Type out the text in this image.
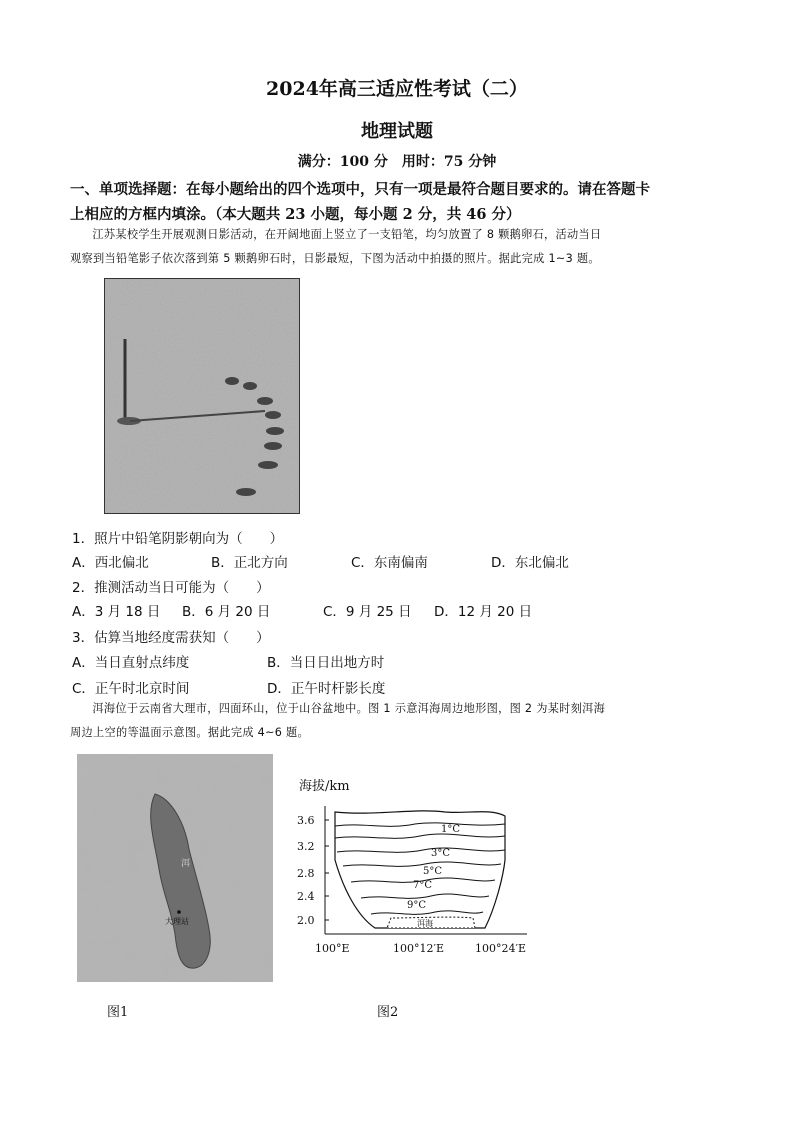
2024年高三适应性考试（二）
地理试题
满分：100 分　用时：75 分钟
一、单项选择题：在每小题给出的四个选项中，只有一项是最符合题目要求的。请在答题卡
上相应的方框内填涂。（本大题共 23 小题，每小题 2 分，共 46 分）
江苏某校学生开展观测日影活动，在开阔地面上竖立了一支铅笔，均匀放置了 8 颗鹅卵石，活动当日
观察到当铅笔影子依次落到第 5 颗鹅卵石时，日影最短，下图为活动中拍摄的照片。据此完成 1~3 题。
1．照片中铅笔阴影朝向为（　　）
A．西北偏北	B．正北方向	C．东南偏南	D．东北偏北
2．推测活动当日可能为（　　）
A．3 月 18 日 B．6 月 20 日	C．9 月 25 日 D．12 月 20 日
3．估算当地经度需获知（　　）
A．当日直射点纬度	B．当日日出地方时
C．正午时北京时间	D．正午时杆影长度
洱海位于云南省大理市，四面环山，位于山谷盆地中。图 1 示意洱海周边地形图，图 2 为某时刻洱海
周边上空的等温面示意图。据此完成 4~6 题。
洱
大理站
海拔/km
3.6
3.2
2.8
2.4
2.0
100°E	100°12′E	100°24′E
1°C
3°C
5°C
7°C
9°C
洱海
图1	图2
